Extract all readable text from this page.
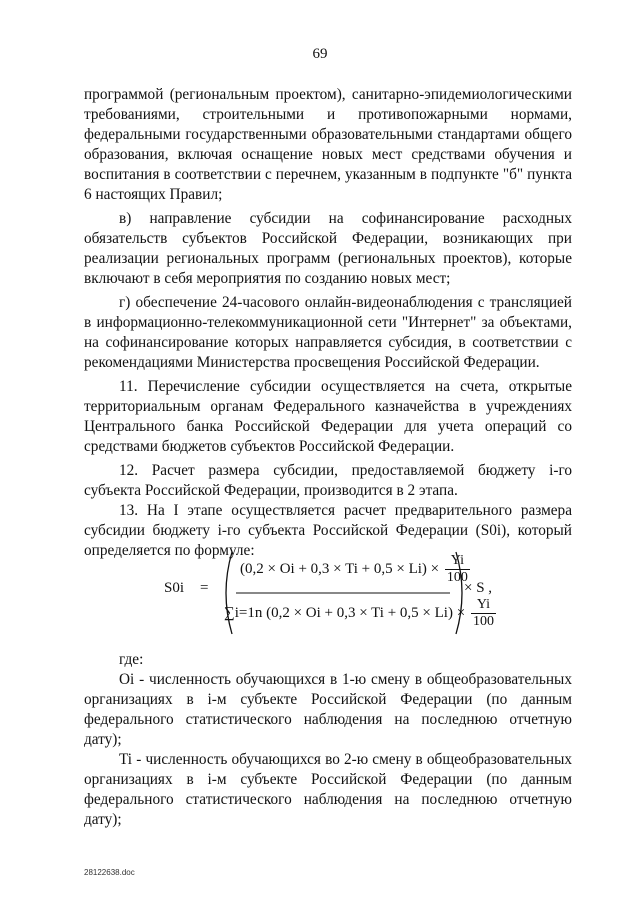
69

программой (региональным проектом), санитарно-эпидемиологическими требованиями, строительными и противопожарными нормами, федеральными государственными образовательными стандартами общего образования, включая оснащение новых мест средствами обучения и воспитания в соответствии с перечнем, указанным в подпункте "б" пункта 6 настоящих Правил;

в) направление субсидии на софинансирование расходных обязательств субъектов Российской Федерации, возникающих при реализации региональных программ (региональных проектов), которые включают в себя мероприятия по созданию новых мест;

г) обеспечение 24-часового онлайн-видеонаблюдения с трансляцией в информационно-телекоммуникационной сети "Интернет" за объектами, на софинансирование которых направляется субсидия, в соответствии с рекомендациями Министерства просвещения Российской Федерации.

11. Перечисление субсидии осуществляется на счета, открытые территориальным органам Федерального казначейства в учреждениях Центрального банка Российской Федерации для учета операций со средствами бюджетов субъектов Российской Федерации.

12. Расчет размера субсидии, предоставляемой бюджету i-го субъекта Российской Федерации, производится в 2 этапа.

13. На I этапе осуществляется расчет предварительного размера субсидии бюджету i-го субъекта Российской Федерации (S0i), который определяется по формуле:

S0i =
$(0,2 \times Oi + 0,3 \times Ti + 0,5 \times Li) \times \frac{Yi}{100}$
∑i=1n $(0,2 \times Oi + 0,3 \times Ti + 0,5 \times Li) \times \frac{Yi}{100}$
× S ,

где:

Oi - численность обучающихся в 1-ю смену в общеобразовательных организациях в i-м субъекте Российской Федерации (по данным федерального статистического наблюдения на последнюю отчетную дату);

Ti - численность обучающихся во 2-ю смену в общеобразовательных организациях в i-м субъекте Российской Федерации (по данным федерального статистического наблюдения на последнюю отчетную дату);

28122638.doc
